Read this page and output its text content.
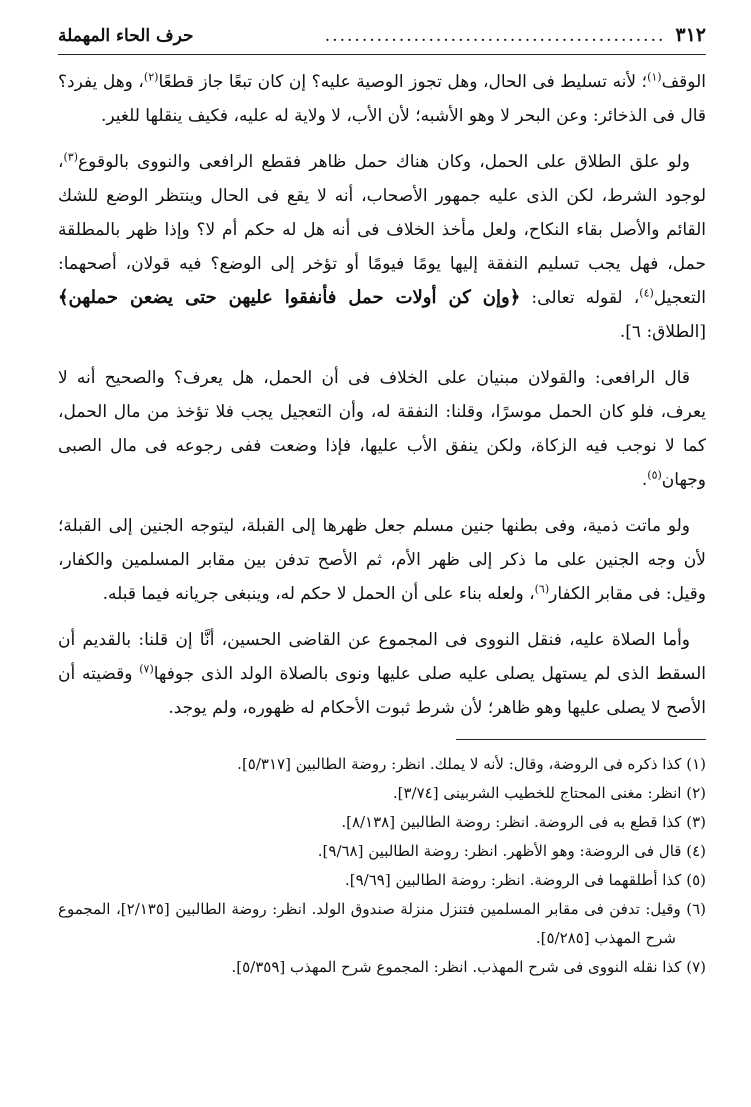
٣١٢
..............................................
حرف الحاء المهملة

الوقف$^{(١)}$؛ لأنه تسليط فى الحال، وهل تجوز الوصية عليه؟ إن كان تبعًا جاز قطعًا$^{(٢)}$، وهل يفرد؟ قال فى الذخائر: وعن البحر لا وهو الأشبه؛ لأن الأب، لا ولاية له عليه، فكيف ينقلها للغير.

ولو علق الطلاق على الحمل، وكان هناك حمل ظاهر فقطع الرافعى والنووى بالوقوع$^{(٣)}$، لوجود الشرط، لكن الذى عليه جمهور الأصحاب، أنه لا يقع فى الحال وينتظر الوضع للشك القائم والأصل بقاء النكاح، ولعل مأخذ الخلاف فى أنه هل له حكم أم لا؟ وإذا ظهر بالمطلقة حمل، فهل يجب تسليم النفقة إليها يومًا فيومًا أو تؤخر إلى الوضع؟ فيه قولان، أصحهما: التعجيل$^{(٤)}$، لقوله تعالى: ﴿وإن كن أولات حمل فأنفقوا عليهن حتى يضعن حملهن﴾ [الطلاق: ٦].

قال الرافعى: والقولان مبنيان على الخلاف فى أن الحمل، هل يعرف؟ والصحيح أنه لا يعرف، فلو كان الحمل موسرًا، وقلنا: النفقة له، وأن التعجيل يجب فلا تؤخذ من مال الحمل، كما لا نوجب فيه الزكاة، ولكن ينفق الأب عليها، فإذا وضعت ففى رجوعه فى مال الصبى وجهان$^{(٥)}$.

ولو ماتت ذمية، وفى بطنها جنين مسلم جعل ظهرها إلى القبلة، ليتوجه الجنين إلى القبلة؛ لأن وجه الجنين على ما ذكر إلى ظهر الأم، ثم الأصح تدفن بين مقابر المسلمين والكفار، وقيل: فى مقابر الكفار$^{(٦)}$، ولعله بناء على أن الحمل لا حكم له، وينبغى جريانه فيما قبله.

وأما الصلاة عليه، فنقل النووى فى المجموع عن القاضى الحسين، أنَّا إن قلنا: بالقديم أن السقط الذى لم يستهل يصلى عليه صلى عليها ونوى بالصلاة الولد الذى جوفها$^{(٧)}$ وقضيته أن الأصح لا يصلى عليها وهو ظاهر؛ لأن شرط ثبوت الأحكام له ظهوره، ولم يوجد.

(١) كذا ذكره فى الروضة، وقال: لأنه لا يملك. انظر: روضة الطالبين [٥/٣١٧].
(٢) انظر: مغنى المحتاج للخطيب الشربينى [٣/٧٤].
(٣) كذا قطع به فى الروضة. انظر: روضة الطالبين [٨/١٣٨].
(٤) قال فى الروضة: وهو الأظهر. انظر: روضة الطالبين [٩/٦٨].
(٥) كذا أطلقهما فى الروضة. انظر: روضة الطالبين [٩/٦٩].
(٦) وقيل: تدفن فى مقابر المسلمين فتنزل منزلة صندوق الولد. انظر: روضة الطالبين [٢/١٣٥]، المجموع شرح المهذب [٥/٢٨٥].
(٧) كذا نقله النووى فى شرح المهذب. انظر: المجموع شرح المهذب [٥/٣٥٩].
